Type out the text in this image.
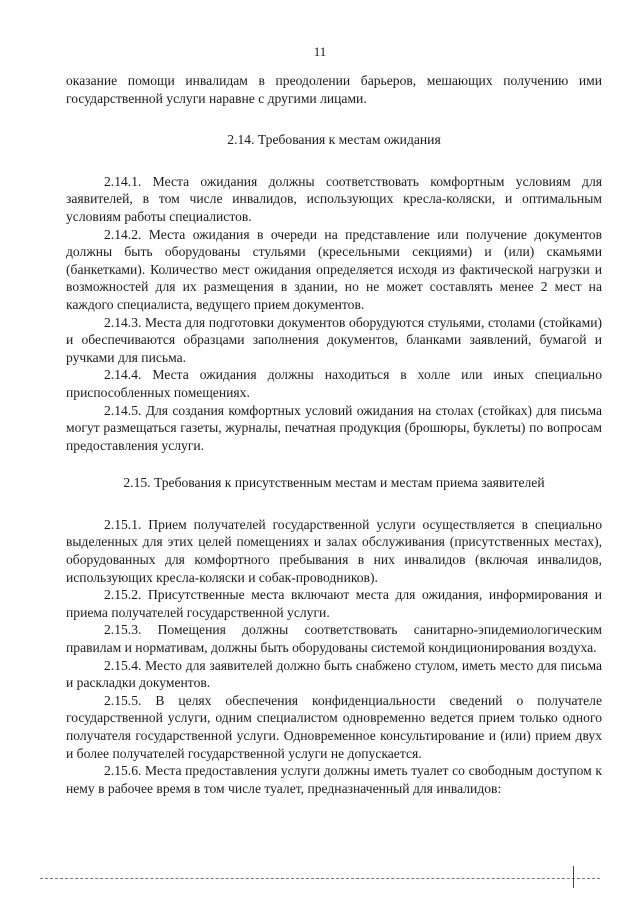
11

оказание помощи инвалидам в преодолении барьеров, мешающих получению ими государственной услуги наравне с другими лицами.

2.14. Требования к местам ожидания

2.14.1. Места ожидания должны соответствовать комфортным условиям для заявителей, в том числе инвалидов, использующих кресла-коляски, и оптимальным условиям работы специалистов.

2.14.2. Места ожидания в очереди на представление или получение документов должны быть оборудованы стульями (кресельными секциями) и (или) скамьями (банкетками). Количество мест ожидания определяется исходя из фактической нагрузки и возможностей для их размещения в здании, но не может составлять менее 2 мест на каждого специалиста, ведущего прием документов.

2.14.3. Места для подготовки документов оборудуются стульями, столами (стойками) и обеспечиваются образцами заполнения документов, бланками заявлений, бумагой и ручками для письма.

2.14.4. Места ожидания должны находиться в холле или иных специально приспособленных помещениях.

2.14.5. Для создания комфортных условий ожидания на столах (стойках) для письма могут размещаться газеты, журналы, печатная продукция (брошюры, буклеты) по вопросам предоставления услуги.

2.15. Требования к присутственным местам и местам приема заявителей

2.15.1. Прием получателей государственной услуги осуществляется в специально выделенных для этих целей помещениях и залах обслуживания (присутственных местах), оборудованных для комфортного пребывания в них инвалидов (включая инвалидов, использующих кресла-коляски и собак-проводников).

2.15.2. Присутственные места включают места для ожидания, информирования и приема получателей государственной услуги.

2.15.3. Помещения должны соответствовать санитарно-эпидемиологическим правилам и нормативам, должны быть оборудованы системой кондиционирования воздуха.

2.15.4. Место для заявителей должно быть снабжено стулом, иметь место для письма и раскладки документов.

2.15.5. В целях обеспечения конфиденциальности сведений о получателе государственной услуги, одним специалистом одновременно ведется прием только одного получателя государственной услуги. Одновременное консультирование и (или) прием двух и более получателей государственной услуги не допускается.

2.15.6. Места предоставления услуги должны иметь туалет со свободным доступом к нему в рабочее время в том числе туалет, предназначенный для инвалидов:
